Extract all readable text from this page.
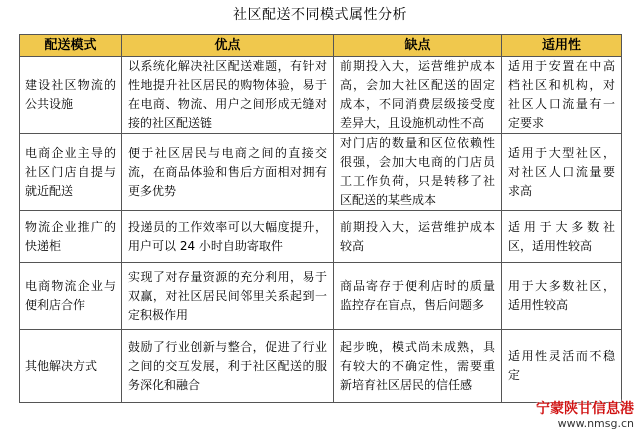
社区配送不同模式属性分析
配送模式	优点	缺点	适用性
建设社区物流的公共设施	以系统化解决社区配送难题，有针对性地提升社区居民的购物体验，易于在电商、物流、用户之间形成无缝对接的社区配送链	前期投入大，运营维护成本高，会加大社区配送的固定成本，不同消费层级接受度差异大，且设施机动性不高	适用于安置在中高档社区和机构，对社区人口流量有一定要求
电商企业主导的社区门店自提与就近配送	便于社区居民与电商之间的直接交流，在商品体验和售后方面相对拥有更多优势	对门店的数量和区位依赖性很强，会加大电商的门店员工工作负荷，只是转移了社区配送的某些成本	适用于大型社区，对社区人口流量要求高
物流企业推广的快递柜	投递员的工作效率可以大幅度提升，用户可以 24 小时自助寄取件	前期投入大，运营维护成本较高	适用于大多数社区，适用性较高
电商物流企业与便利店合作	实现了对存量资源的充分利用，易于双赢，对社区居民间邻里关系起到一定积极作用	商品寄存于便利店时的质量监控存在盲点，售后问题多	用于大多数社区，适用性较高
其他解决方式	鼓励了行业创新与整合，促进了行业之间的交互发展，利于社区配送的服务深化和融合	起步晚，模式尚未成熟，具有较大的不确定性，需要重新培育社区居民的信任感	适用性灵活而不稳定
宁蒙陕甘信息港
www.nmsg.cn
